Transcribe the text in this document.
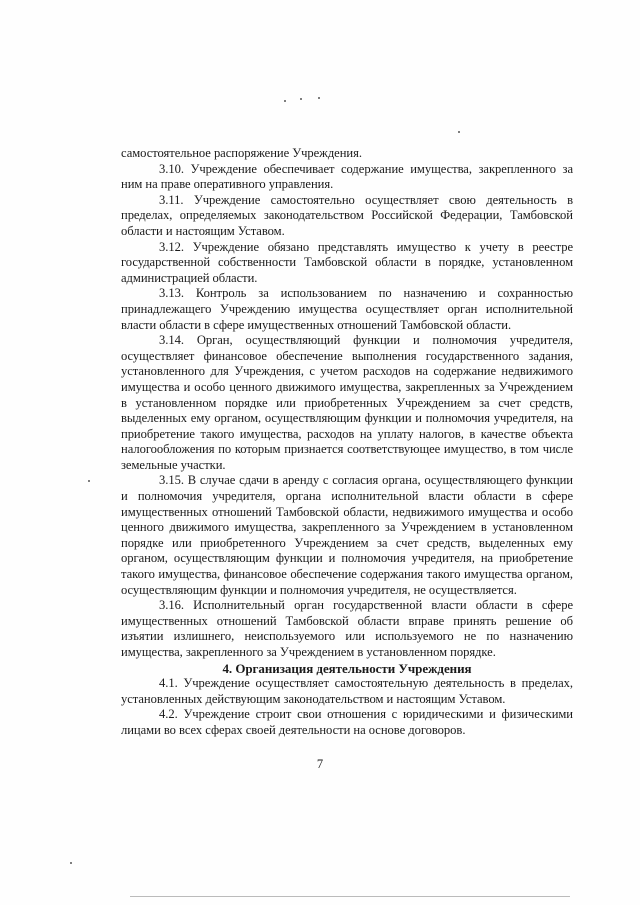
самостоятельное распоряжение Учреждения.

3.10. Учреждение обеспечивает содержание имущества, закрепленного за ним на праве оперативного управления.

3.11. Учреждение самостоятельно осуществляет свою деятельность в пределах, определяемых законодательством Российской Федерации, Тамбовской области и настоящим Уставом.

3.12. Учреждение обязано представлять имущество к учету в реестре государственной собственности Тамбовской области в порядке, установленном администрацией области.

3.13. Контроль за использованием по назначению и сохранностью принадлежащего Учреждению имущества осуществляет орган исполнительной власти области в сфере имущественных отношений Тамбовской области.

3.14. Орган, осуществляющий функции и полномочия учредителя, осуществляет финансовое обеспечение выполнения государственного задания, установленного для Учреждения, с учетом расходов на содержание недвижимого имущества и особо ценного движимого имущества, закрепленных за Учреждением в установленном порядке или приобретенных Учреждением за счет средств, выделенных ему органом, осуществляющим функции и полномочия учредителя, на приобретение такого имущества, расходов на уплату налогов, в качестве объекта налогообложения по которым признается соответствующее имущество, в том числе земельные участки.

3.15. В случае сдачи в аренду с согласия органа, осуществляющего функции и полномочия учредителя, органа исполнительной власти области в сфере имущественных отношений Тамбовской области, недвижимого имущества и особо ценного движимого имущества, закрепленного за Учреждением в установленном порядке или приобретенного Учреждением за счет средств, выделенных ему органом, осуществляющим функции и полномочия учредителя, на приобретение такого имущества, финансовое обеспечение содержания такого имущества органом, осуществляющим функции и полномочия учредителя, не осуществляется.

3.16. Исполнительный орган государственной власти области в сфере имущественных отношений Тамбовской области вправе принять решение об изъятии излишнего, неиспользуемого или используемого не по назначению имущества, закрепленного за Учреждением в установленном порядке.

4. Организация деятельности Учреждения

4.1. Учреждение осуществляет самостоятельную деятельность в пределах, установленных действующим законодательством и настоящим Уставом.

4.2. Учреждение строит свои отношения с юридическими и физическими лицами во всех сферах своей деятельности на основе договоров.

7
